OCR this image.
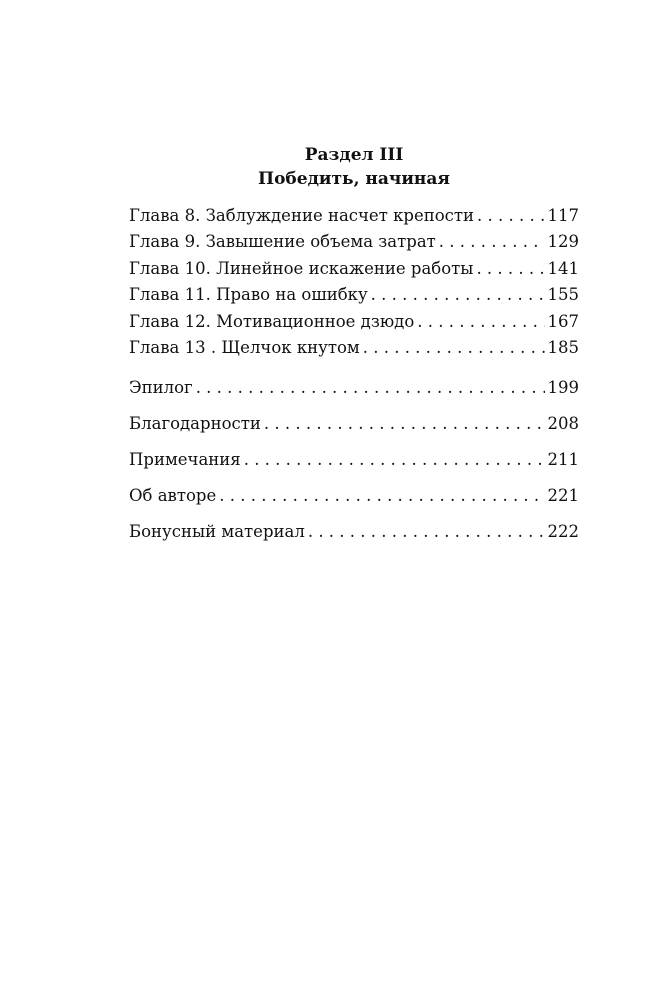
Раздел III
Победить, начиная
Глава 8. Заблуждение насчет крепости . . .	117
Глава 9. Завышение объема затрат . . .	129
Глава 10. Линейное искажение работы . . .	141
Глава 11. Право на ошибку . . .	155
Глава 12. Мотивационное дзюдо . . .	167
Глава 13 . Щелчок кнутом . . .	185
Эпилог . . .	199
Благодарности . . .	208
Примечания . . .	211
Об авторе . . .	221
Бонусный материал . . .	222
